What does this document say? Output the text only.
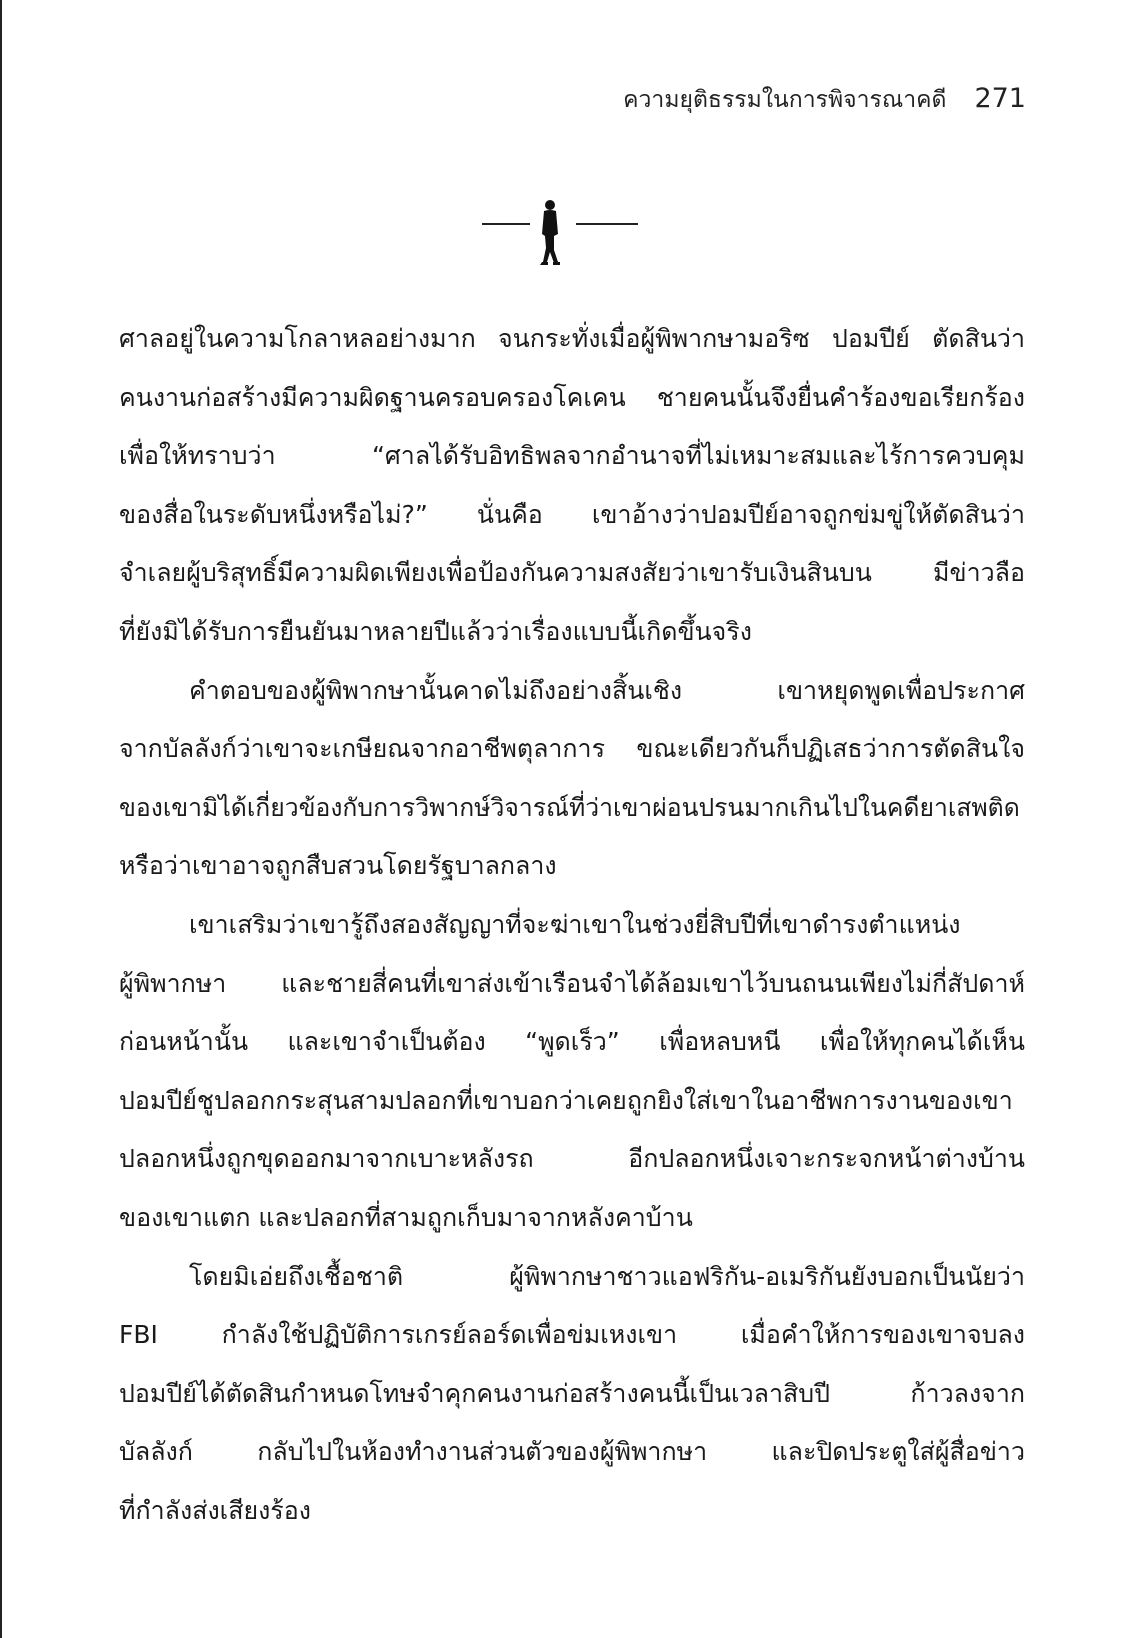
ความยุติธรรมในการพิจารณาคดี 271
ศาลอยู่ในความโกลาหลอย่างมาก จนกระทั่งเมื่อผู้พิพากษามอริซ ปอมปีย์ ตัดสินว่า
คนงานก่อสร้างมีความผิดฐานครอบครองโคเคน ชายคนนั้นจึงยื่นคำร้องขอเรียกร้อง
เพื่อให้ทราบว่า “ศาลได้รับอิทธิพลจากอำนาจที่ไม่เหมาะสมและไร้การควบคุม
ของสื่อในระดับหนึ่งหรือไม่?” นั่นคือ เขาอ้างว่าปอมปีย์อาจถูกข่มขู่ให้ตัดสินว่า
จำเลยผู้บริสุทธิ์มีความผิดเพียงเพื่อป้องกันความสงสัยว่าเขารับเงินสินบน มีข่าวลือ
ที่ยังมิได้รับการยืนยันมาหลายปีแล้วว่าเรื่องแบบนี้เกิดขึ้นจริง
คำตอบของผู้พิพากษานั้นคาดไม่ถึงอย่างสิ้นเชิง เขาหยุดพูดเพื่อประกาศ
จากบัลลังก์ว่าเขาจะเกษียณจากอาชีพตุลาการ ขณะเดียวกันก็ปฏิเสธว่าการตัดสินใจ
ของเขามิได้เกี่ยวข้องกับการวิพากษ์วิจารณ์ที่ว่าเขาผ่อนปรนมากเกินไปในคดียาเสพติด
หรือว่าเขาอาจถูกสืบสวนโดยรัฐบาลกลาง
เขาเสริมว่าเขารู้ถึงสองสัญญาที่จะฆ่าเขาในช่วงยี่สิบปีที่เขาดำรงตำแหน่ง
ผู้พิพากษา และชายสี่คนที่เขาส่งเข้าเรือนจำได้ล้อมเขาไว้บนถนนเพียงไม่กี่สัปดาห์
ก่อนหน้านั้น และเขาจำเป็นต้อง “พูดเร็ว” เพื่อหลบหนี เพื่อให้ทุกคนได้เห็น
ปอมปีย์ชูปลอกกระสุนสามปลอกที่เขาบอกว่าเคยถูกยิงใส่เขาในอาชีพการงานของเขา
ปลอกหนึ่งถูกขุดออกมาจากเบาะหลังรถ อีกปลอกหนึ่งเจาะกระจกหน้าต่างบ้าน
ของเขาแตก และปลอกที่สามถูกเก็บมาจากหลังคาบ้าน
โดยมิเอ่ยถึงเชื้อชาติ ผู้พิพากษาชาวแอฟริกัน-อเมริกันยังบอกเป็นนัยว่า
FBI กำลังใช้ปฏิบัติการเกรย์ลอร์ดเพื่อข่มเหงเขา เมื่อคำให้การของเขาจบลง
ปอมปีย์ได้ตัดสินกำหนดโทษจำคุกคนงานก่อสร้างคนนี้เป็นเวลาสิบปี ก้าวลงจาก
บัลลังก์ กลับไปในห้องทำงานส่วนตัวของผู้พิพากษา และปิดประตูใส่ผู้สื่อข่าว
ที่กำลังส่งเสียงร้อง
